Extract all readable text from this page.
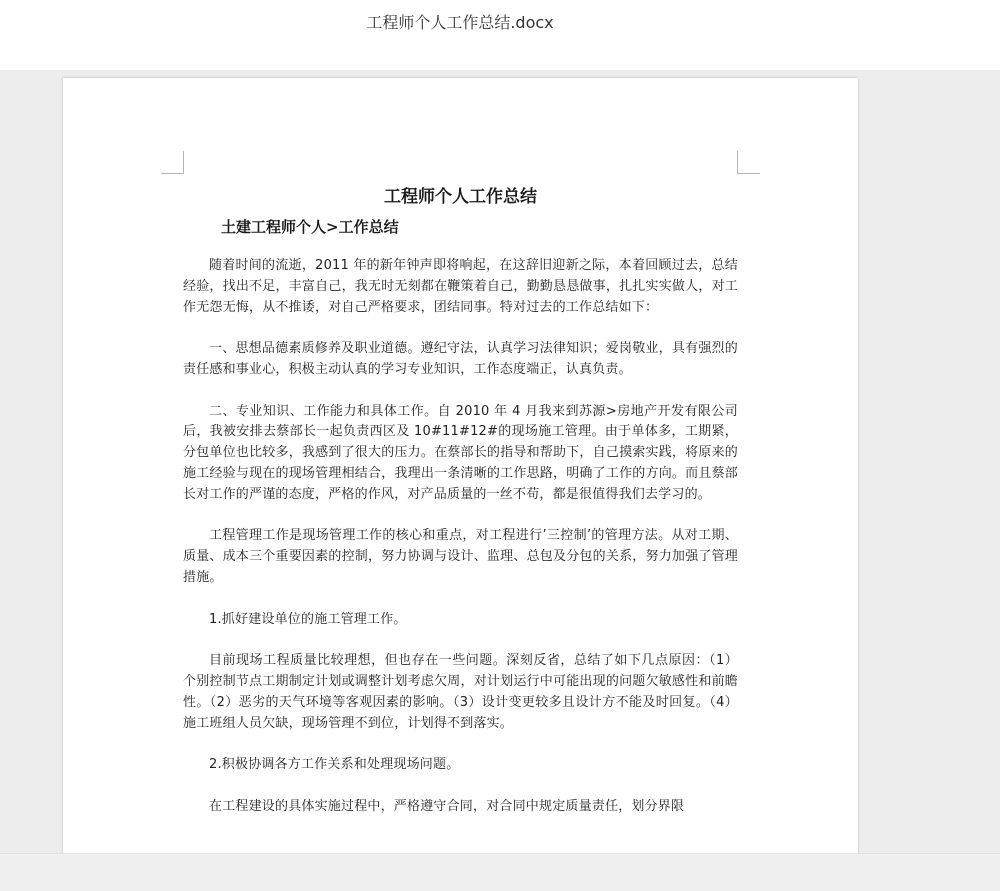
工程师个人工作总结.docx
工程师个人工作总结
土建工程师个人>工作总结

随着时间的流逝，2011 年的新年钟声即将响起，在这辞旧迎新之际，本着回顾过去，总结经验，找出不足，丰富自己，我无时无刻都在鞭策着自己，勤勤恳恳做事，扎扎实实做人，对工作无怨无悔，从不推诿，对自己严格要求，团结同事。特对过去的工作总结如下：

一、思想品德素质修养及职业道德。遵纪守法，认真学习法律知识；爱岗敬业，具有强烈的责任感和事业心，积极主动认真的学习专业知识，工作态度端正，认真负责。

二、专业知识、工作能力和具体工作。自 2010 年 4 月我来到苏源>房地产开发有限公司后，我被安排去蔡部长一起负责西区及 10#11#12#的现场施工管理。由于单体多，工期紧，分包单位也比较多，我感到了很大的压力。在蔡部长的指导和帮助下，自己摸索实践，将原来的施工经验与现在的现场管理相结合，我理出一条清晰的工作思路，明确了工作的方向。而且蔡部长对工作的严谨的态度，严格的作风，对产品质量的一丝不苟，都是很值得我们去学习的。

工程管理工作是现场管理工作的核心和重点，对工程进行’三控制’的管理方法。从对工期、质量、成本三个重要因素的控制，努力协调与设计、监理、总包及分包的关系，努力加强了管理措施。

1.抓好建设单位的施工管理工作。

目前现场工程质量比较理想，但也存在一些问题。深刻反省，总结了如下几点原因：（1）个别控制节点工期制定计划或调整计划考虑欠周，对计划运行中可能出现的问题欠敏感性和前瞻性。（2）恶劣的天气环境等客观因素的影响。（3）设计变更较多且设计方不能及时回复。（4）施工班组人员欠缺，现场管理不到位，计划得不到落实。

2.积极协调各方工作关系和处理现场问题。

在工程建设的具体实施过程中，严格遵守合同，对合同中规定质量责任，划分界限
